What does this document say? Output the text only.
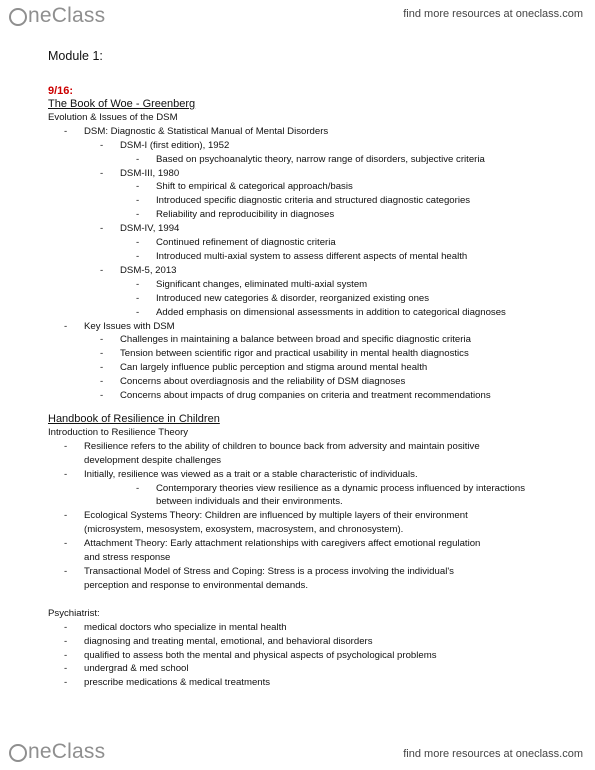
neClass	find more resources at oneclass.com
Module 1:
9/16:
The Book of Woe - Greenberg
Evolution & Issues of the DSM
- DSM: Diagnostic & Statistical Manual of Mental Disorders
- DSM-I (first edition), 1952
- Based on psychoanalytic theory, narrow range of disorders, subjective criteria
- DSM-III, 1980
- Shift to empirical & categorical approach/basis
- Introduced specific diagnostic criteria and structured diagnostic categories
- Reliability and reproducibility in diagnoses
- DSM-IV, 1994
- Continued refinement of diagnostic criteria
- Introduced multi-axial system to assess different aspects of mental health
- DSM-5, 2013
- Significant changes, eliminated multi-axial system
- Introduced new categories & disorder, reorganized existing ones
- Added emphasis on dimensional assessments in addition to categorical diagnoses
- Key Issues with DSM
- Challenges in maintaining a balance between broad and specific diagnostic criteria
- Tension between scientific rigor and practical usability in mental health diagnostics
- Can largely influence public perception and stigma around mental health
- Concerns about overdiagnosis and the reliability of DSM diagnoses
- Concerns about impacts of drug companies on criteria and treatment recommendations
Handbook of Resilience in Children
Introduction to Resilience Theory
- Resilience refers to the ability of children to bounce back from adversity and maintain positive
development despite challenges
- Initially, resilience was viewed as a trait or a stable characteristic of individuals.
- Contemporary theories view resilience as a dynamic process influenced by interactions
between individuals and their environments.
- Ecological Systems Theory: Children are influenced by multiple layers of their environment
(microsystem, mesosystem, exosystem, macrosystem, and chronosystem).
- Attachment Theory: Early attachment relationships with caregivers affect emotional regulation
and stress response
- Transactional Model of Stress and Coping: Stress is a process involving the individual's
perception and response to environmental demands.
Psychiatrist:
- medical doctors who specialize in mental health
- diagnosing and treating mental, emotional, and behavioral disorders
- qualified to assess both the mental and physical aspects of psychological problems
- undergrad & med school
- prescribe medications & medical treatments
neClass	find more resources at oneclass.com
